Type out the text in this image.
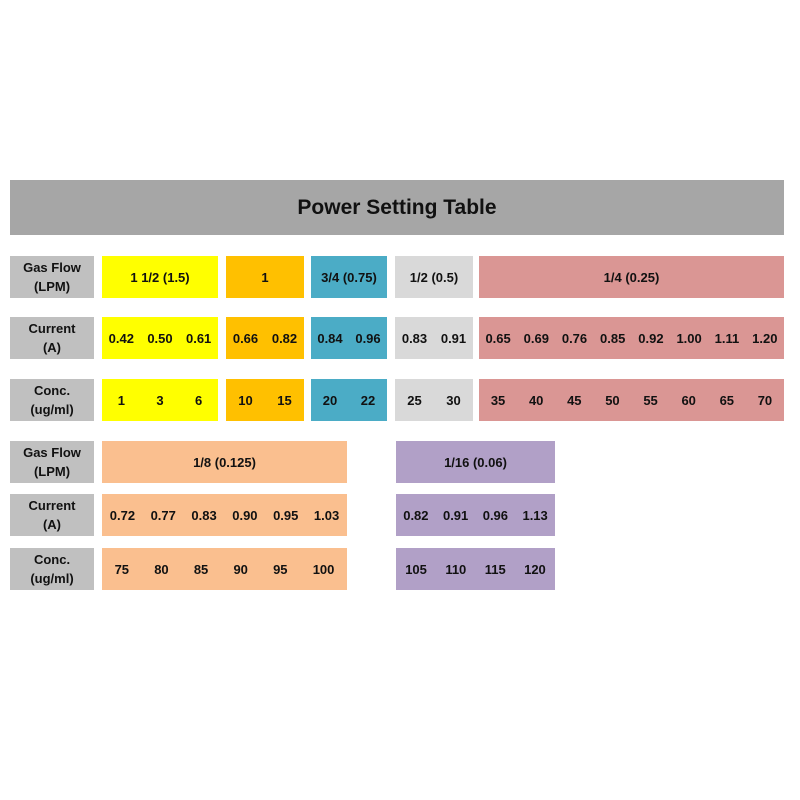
Power Setting Table
Gas Flow
(LPM)
Current
(A)
Conc.
(ug/ml)
Gas Flow
(LPM)
Current
(A)
Conc.
(ug/ml)
1 1/2 (1.5)
0.42 0.50 0.61
1 3 6
1
0.66 0.82
10 15
3/4 (0.75)
0.84 0.96
20 22
1/2 (0.5)
0.83 0.91
25 30
1/4 (0.25)
0.65 0.69 0.76 0.85 0.92 1.00 1.11 1.20
35 40 45 50 55 60 65 70
1/8 (0.125)
0.72 0.77 0.83 0.90 0.95 1.03
75 80 85 90 95 100
1/16 (0.06)
0.82 0.91 0.96 1.13
105 110 115 120
